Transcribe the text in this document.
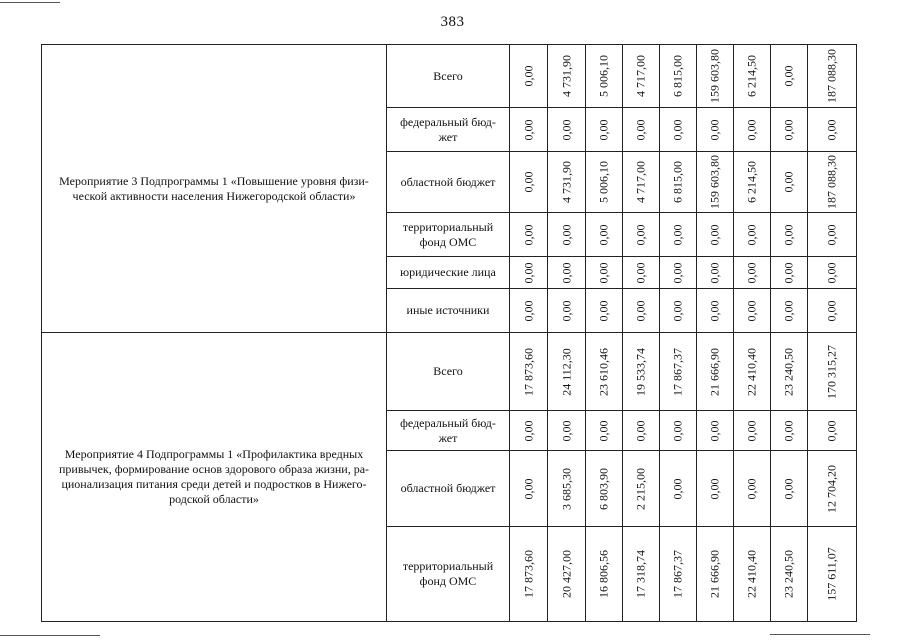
383
Мероприятие 3 Подпрограммы 1 «Повышение уровня физи-ческой активности населения Нижегородской области»	Всего	0,00	4 731,90	5 006,10	4 717,00	6 815,00	159 603,80	6 214,50	0,00	187 088,30

	федеральный бюд-жет	0,00	0,00	0,00	0,00	0,00	0,00	0,00	0,00	0,00

	областной бюджет	0,00	4 731,90	5 006,10	4 717,00	6 815,00	159 603,80	6 214,50	0,00	187 088,30

	территориальный фонд ОМС	0,00	0,00	0,00	0,00	0,00	0,00	0,00	0,00	0,00

	юридические лица	0,00	0,00	0,00	0,00	0,00	0,00	0,00	0,00	0,00

	иные источники	0,00	0,00	0,00	0,00	0,00	0,00	0,00	0,00	0,00

Мероприятие 4 Подпрограммы 1 «Профилактика вредных привычек, формирование основ здорового образа жизни, ра-ционализация питания среди детей и подростков в Нижего-родской области»	Всего	17 873,60	24 112,30	23 610,46	19 533,74	17 867,37	21 666,90	22 410,40	23 240,50	170 315,27

	федеральный бюд-жет	0,00	0,00	0,00	0,00	0,00	0,00	0,00	0,00	0,00

	областной бюджет	0,00	3 685,30	6 803,90	2 215,00	0,00	0,00	0,00	0,00	12 704,20

	территориальный фонд ОМС	17 873,60	20 427,00	16 806,56	17 318,74	17 867,37	21 666,90	22 410,40	23 240,50	157 611,07
